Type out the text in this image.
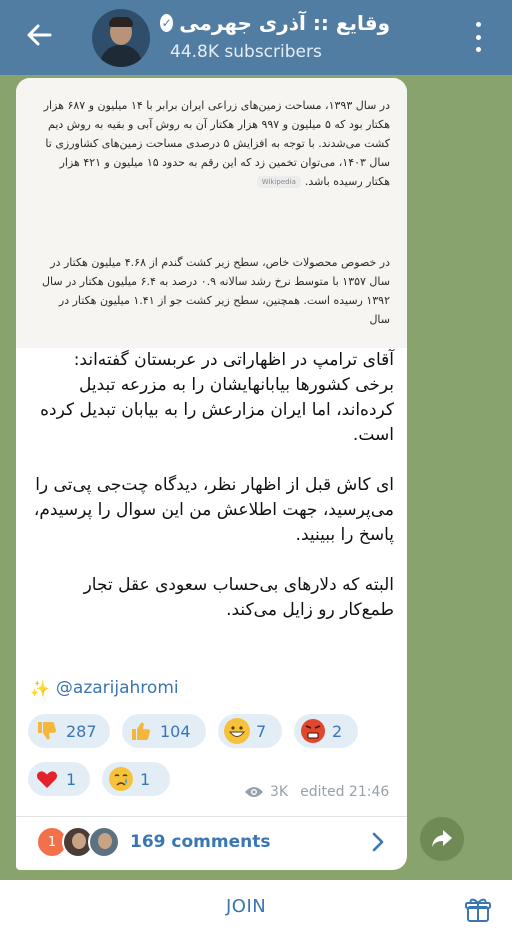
وقایع :: آذری جهرمی
✓
44.8K subscribers
در سال ۱۳۹۳، مساحت زمین‌های زراعی ایران برابر با ۱۴ میلیون و ۶۸۷ هزار هکتار بود که ۵ میلیون و ۹۹۷ هزار هکتار آن به روش آبی و بقیه به روش دیم کشت می‌شدند. با توجه به افزایش ۵ درصدی مساحت زمین‌های کشاورزی تا سال ۱۴۰۳، می‌توان تخمین زد که این رقم به حدود ۱۵ میلیون و ۴۲۱ هزار هکتار رسیده باشد.Wikipedia
در خصوص محصولات خاص، سطح زیر کشت گندم از ۴.۶۸ میلیون هکتار در سال ۱۳۵۷ با متوسط نرخ رشد سالانه ۰.۹ درصد به ۶.۴ میلیون هکتار در سال ۱۳۹۲ رسیده است. همچنین، سطح زیر کشت جو از ۱.۴۱ میلیون هکتار در سال

آقای ترامپ در اظهاراتی در عربستان گفته‌اند: برخی کشورها بیابانهایشان را به مزرعه تبدیل کرده‌اند، اما ایران مزارعش را به بیابان تبدیل کرده است.

ای کاش قبل از اظهار نظر، دیدگاه چت‌جی پی‌تی را می‌پرسید، جهت اطلاعش من این سوال را پرسیدم، پاسخ را ببینید.

البته که دلارهای بی‌حساب سعودی عقل تجار طمع‌کار رو زایل می‌کند.

✨ @azarijahromi
287	104	7	2
1	1
3K edited 21:46
1	169 comments
JOIN
